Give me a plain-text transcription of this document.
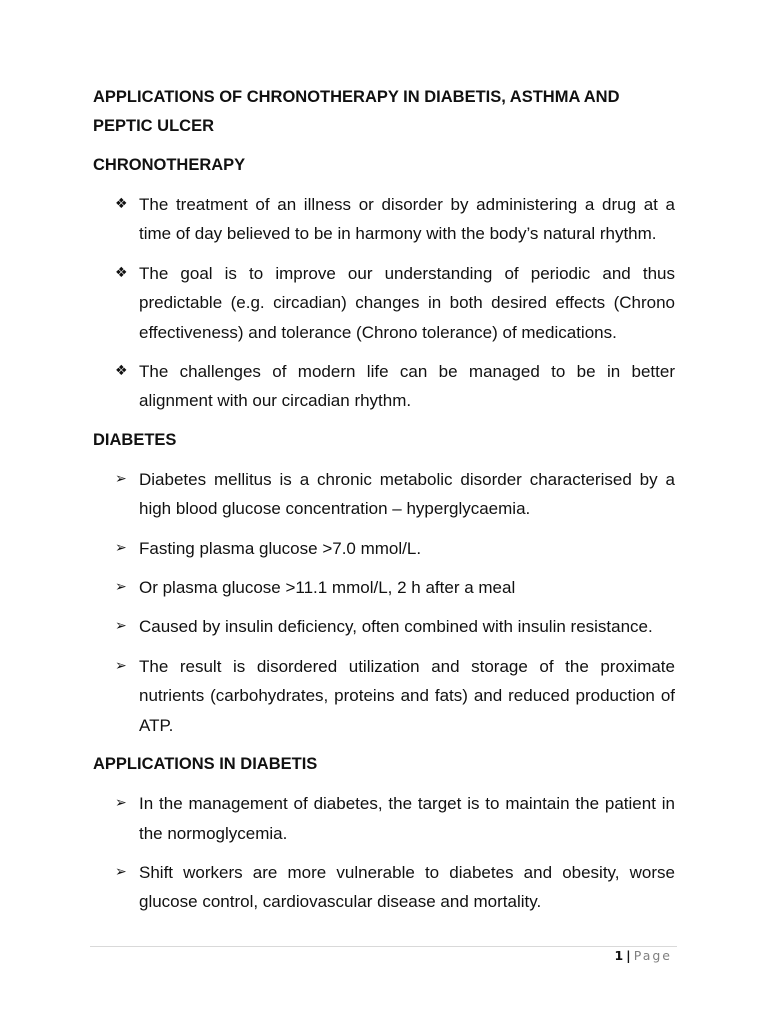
APPLICATIONS OF CHRONOTHERAPY IN DIABETIS, ASTHMA AND PEPTIC ULCER
CHRONOTHERAPY
❖ The treatment of an illness or disorder by administering a drug at a time of day believed to be in harmony with the body’s natural rhythm.
❖ The goal is to improve our understanding of periodic and thus predictable (e.g. circadian) changes in both desired effects (Chrono effectiveness) and tolerance (Chrono tolerance) of medications.
❖ The challenges of modern life can be managed to be in better alignment with our circadian rhythm.
DIABETES
➢ Diabetes mellitus is a chronic metabolic disorder characterised by a high blood glucose concentration – hyperglycaemia.
➢ Fasting plasma glucose >7.0 mmol/L.
➢ Or plasma glucose >11.1 mmol/L, 2 h after a meal
➢ Caused by insulin deficiency, often combined with insulin resistance.
➢ The result is disordered utilization and storage of the proximate nutrients (carbohydrates, proteins and fats) and reduced production of ATP.
APPLICATIONS IN DIABETIS
➢ In the management of diabetes, the target is to maintain the patient in the normoglycemia.
➢ Shift workers are more vulnerable to diabetes and obesity, worse glucose control, cardiovascular disease and mortality.
1 | Page
